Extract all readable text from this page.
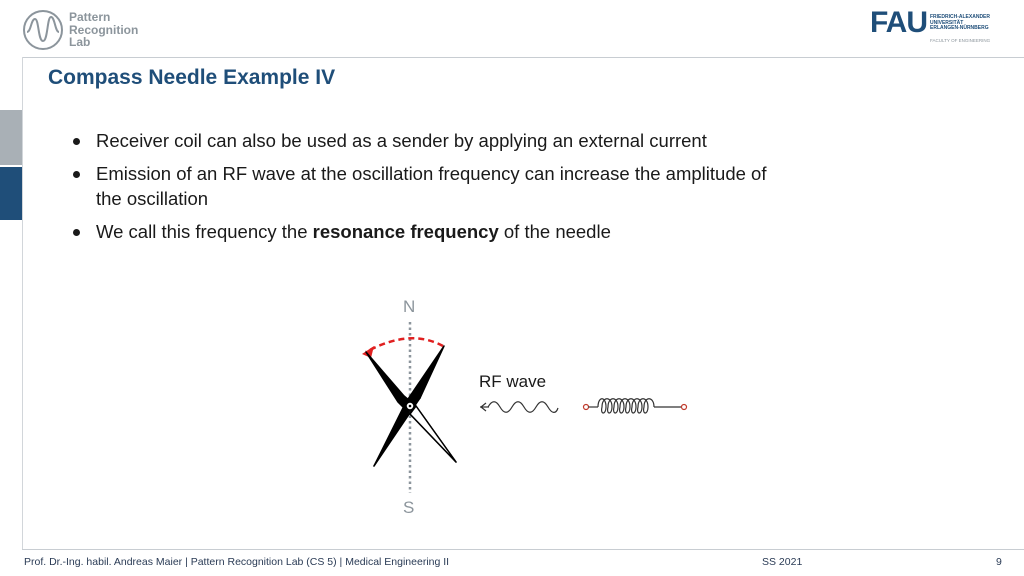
Pattern
Recognition
Lab
FAU FRIEDRICH-ALEXANDER
UNIVERSITÄT
ERLANGEN-NÜRNBERG
FACULTY OF ENGINEERING
Compass Needle Example IV
Receiver coil can also be used as a sender by applying an external current
Emission of an RF wave at the oscillation frequency can increase the amplitude of the oscillation
We call this frequency the resonance frequency of the needle
N
S
RF wave
Prof. Dr.-Ing. habil. Andreas Maier | Pattern Recognition Lab (CS 5) | Medical Engineering II	SS 2021	9
